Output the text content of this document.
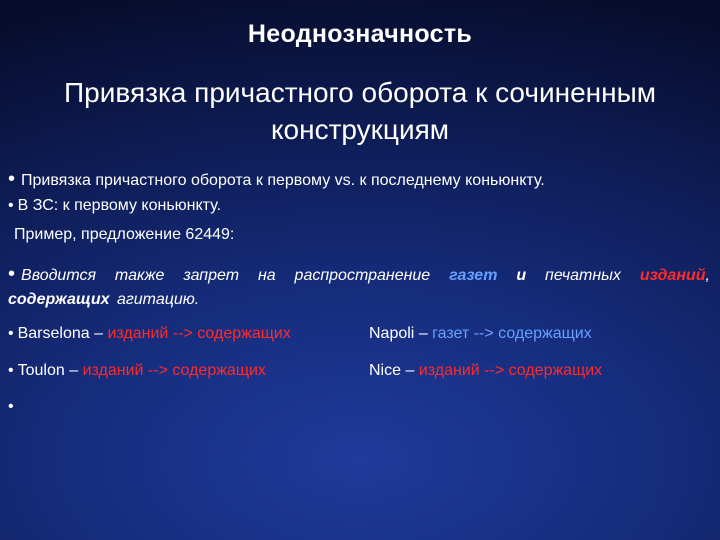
Неоднозначность
Привязка причастного оборота к сочиненным
конструкциям
• Привязка причастного оборота к первому vs. к последнему коньюнкту.
• В ЗС: к первому коньюнкту.
Пример, предложение 62449:
• Вводится также запрет на распространение газет и печатных изданий, содержащих агитацию.
• Barselona – изданий --> содержащих	Napoli – газет --> содержащих
• Toulon – изданий --> содержащих	Nice – изданий --> содержащих
•
